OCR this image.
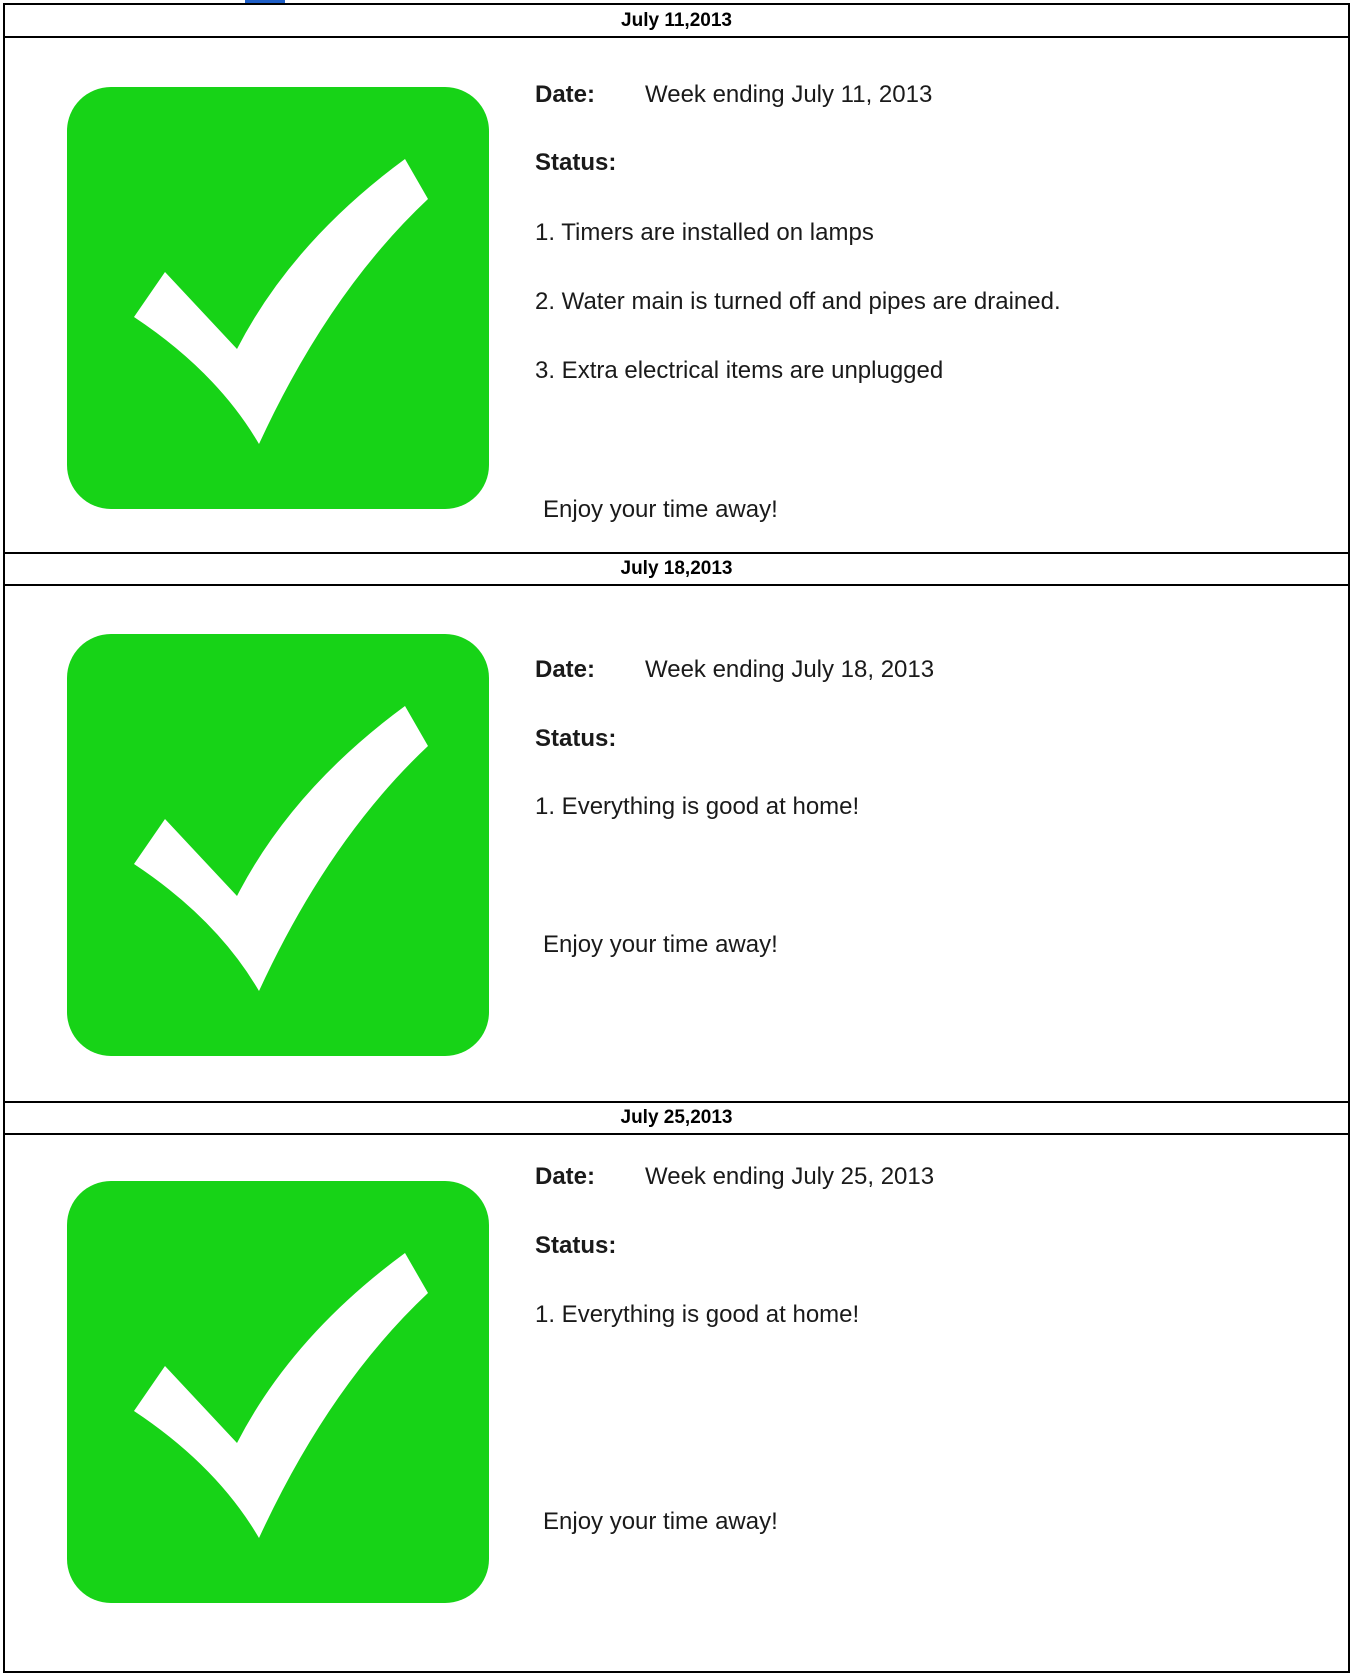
July 11,2013

Date: Week ending July 11, 2013

Status:

1. Timers are installed on lamps

2. Water main is turned off and pipes are drained.

3. Extra electrical items are unplugged

Enjoy your time away!

July 18,2013

Date: Week ending July 18, 2013

Status:

1. Everything is good at home!

Enjoy your time away!

July 25,2013

Date: Week ending July 25, 2013

Status:

1. Everything is good at home!

Enjoy your time away!
